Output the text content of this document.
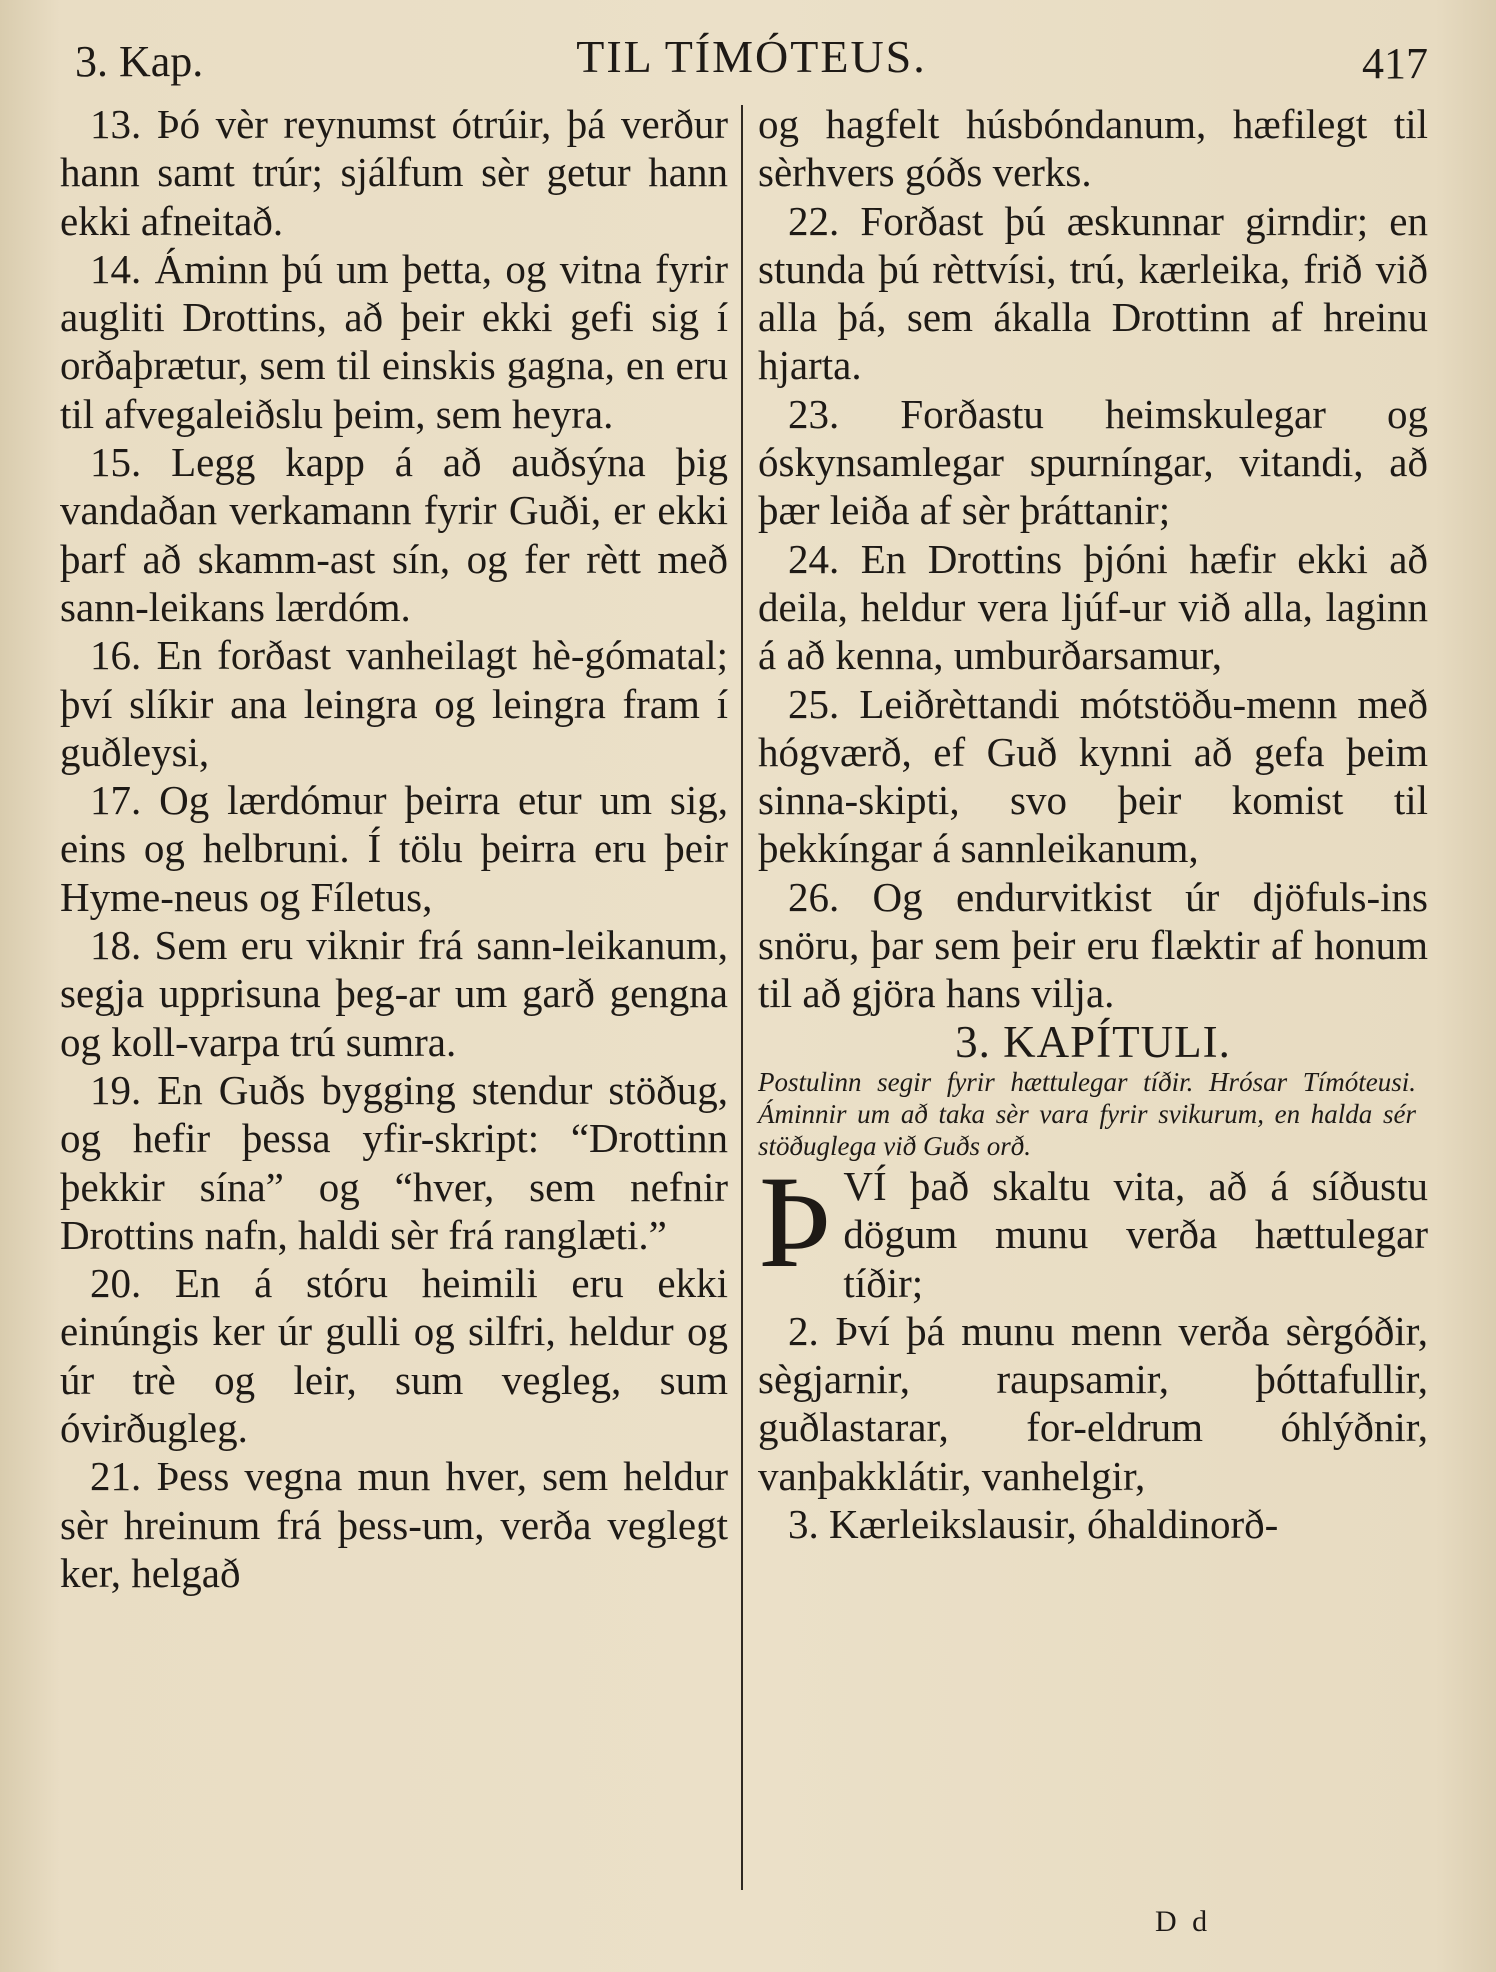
3. Kap.	TIL TÍMÓTEUS.	417

13. Þó vèr reynumst ótrúir, þá verður hann samt trúr; sjálfum sèr getur hann ekki afneitað.

14. Áminn þú um þetta, og vitna fyrir augliti Drottins, að þeir ekki gefi sig í orðaþrætur, sem til einskis gagna, en eru til afvegaleiðslu þeim, sem heyra.

15. Legg kapp á að auðsýna þig vandaðan verkamann fyrir Guði, er ekki þarf að skamm-ast sín, og fer rètt með sann-leikans lærdóm.

16. En forðast vanheilagt hè-gómatal; því slíkir ana leingra og leingra fram í guðleysi,

17. Og lærdómur þeirra etur um sig, eins og helbruni. Í tölu þeirra eru þeir Hyme-neus og Fíletus,

18. Sem eru viknir frá sann-leikanum, segja upprisuna þeg-ar um garð gengna og koll-varpa trú sumra.

19. En Guðs bygging stendur stöðug, og hefir þessa yfir-skript: “Drottinn þekkir sína” og “hver, sem nefnir Drottins nafn, haldi sèr frá ranglæti.”

20. En á stóru heimili eru ekki einúngis ker úr gulli og silfri, heldur og úr trè og leir, sum vegleg, sum óvirðugleg.

21. Þess vegna mun hver, sem heldur sèr hreinum frá þess-um, verða veglegt ker, helgað

og hagfelt húsbóndanum, hæfilegt til sèrhvers góðs verks.

22. Forðast þú æskunnar girndir; en stunda þú rèttvísi, trú, kærleika, frið við alla þá, sem ákalla Drottinn af hreinu hjarta.

23. Forðastu heimskulegar og óskynsamlegar spurníngar, vitandi, að þær leiða af sèr þráttanir;

24. En Drottins þjóni hæfir ekki að deila, heldur vera ljúf-ur við alla, laginn á að kenna, umburðarsamur,

25. Leiðrèttandi mótstöðu-menn með hógværð, ef Guð kynni að gefa þeim sinna-skipti, svo þeir komist til þekkíngar á sannleikanum,

26. Og endurvitkist úr djöfuls-ins snöru, þar sem þeir eru flæktir af honum til að gjöra hans vilja.

3. KAPÍTULI.

Postulinn segir fyrir hættulegar tíðir. Hrósar Tímóteusi. Áminnir um að taka sèr vara fyrir svikurum, en halda sér stöðuglega við Guðs orð.

ÞVÍ það skaltu vita, að á síðustu dögum munu verða hættulegar tíðir;

2. Því þá munu menn verða sèrgóðir, sègjarnir, raupsamir, þóttafullir, guðlastarar, for-eldrum óhlýðnir, vanþakklátir, vanhelgir,

3. Kærleikslausir, óhaldinorð-

D d
